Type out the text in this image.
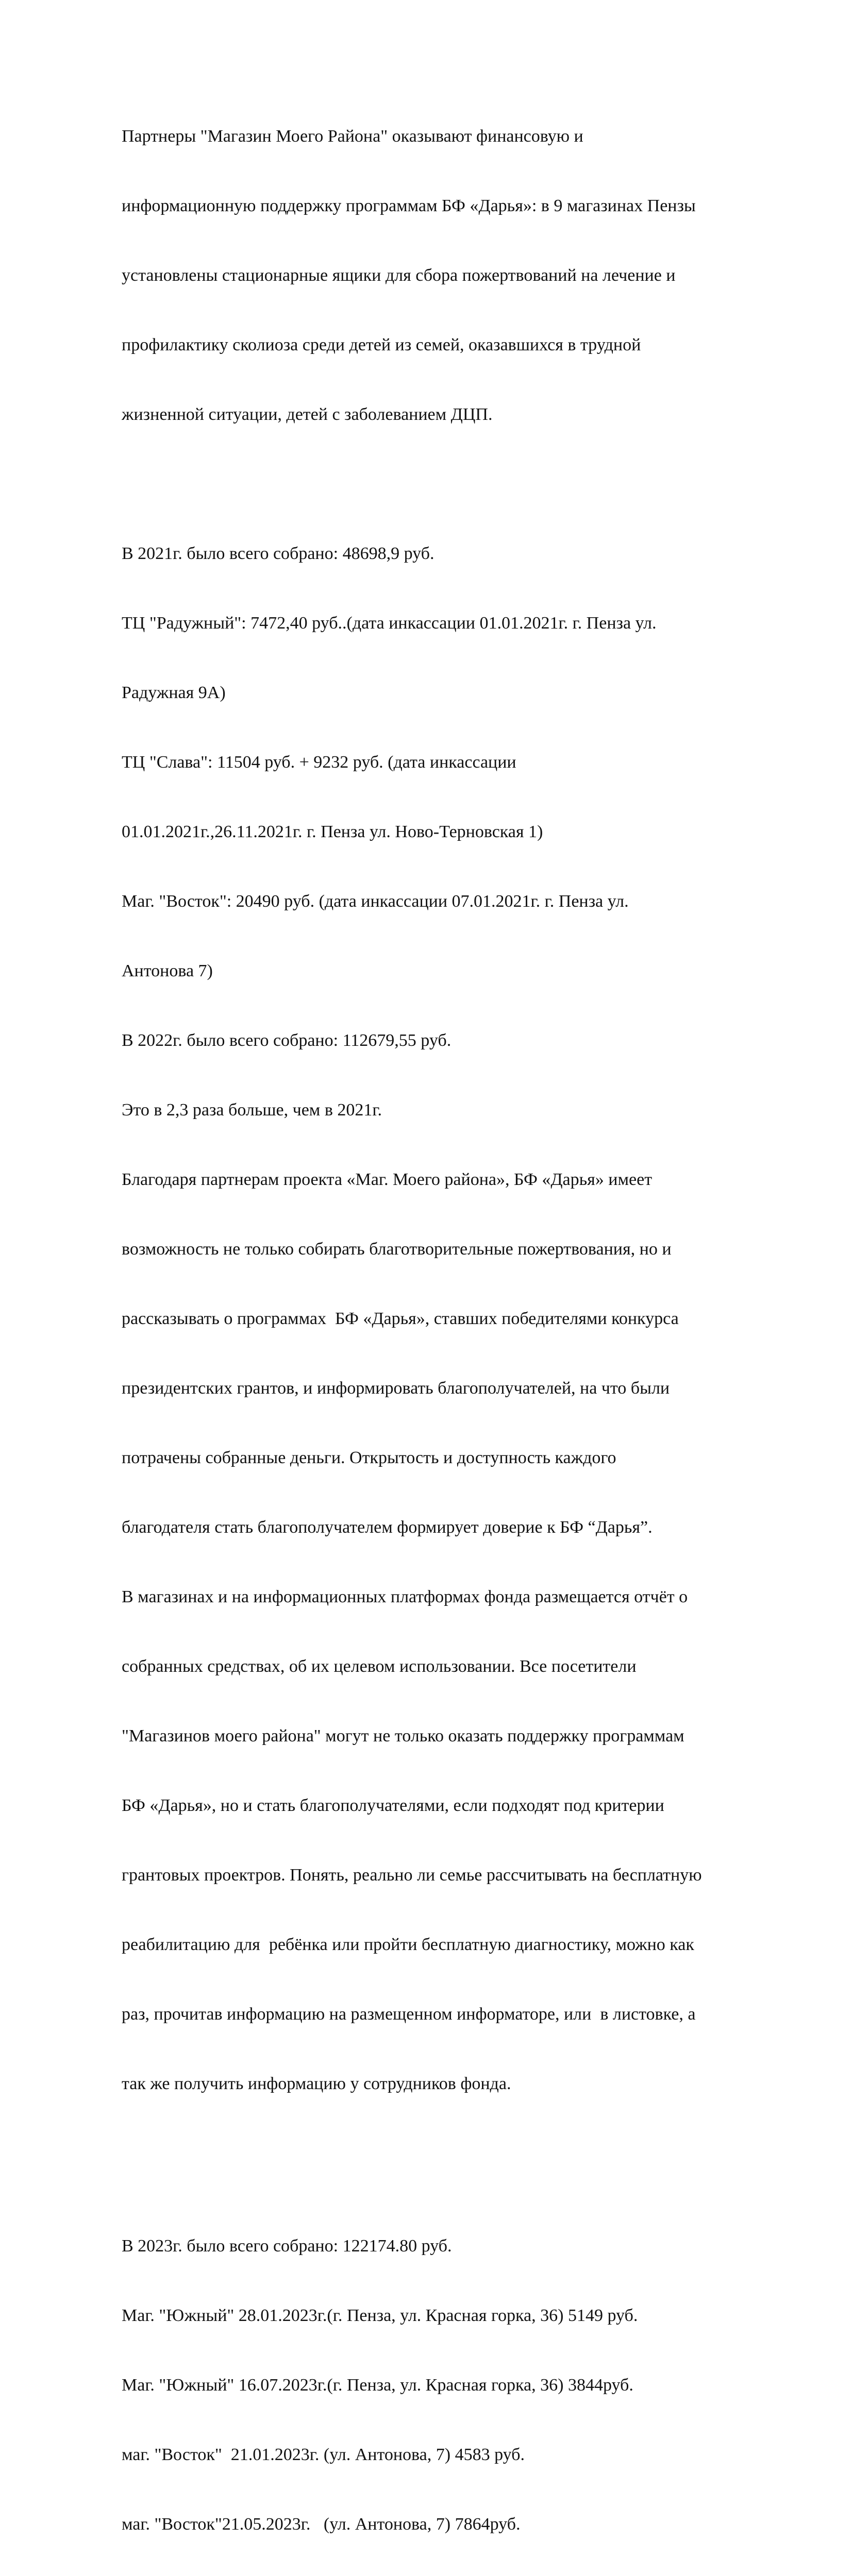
Партнеры "Магазин Моего Района" оказывают финансовую и

информационную поддержку программам БФ «Дарья»: в 9 магазинах Пензы

установлены стационарные ящики для сбора пожертвований на лечение и

профилактику сколиоза среди детей из семей, оказавшихся в трудной

жизненной ситуации, детей с заболеванием ДЦП.

В 2021г. было всего собрано: 48698,9 руб.

ТЦ "Радужный": 7472,40 руб..(дата инкассации 01.01.2021г. г. Пенза ул.

Радужная 9А)

ТЦ "Слава": 11504 руб. + 9232 руб. (дата инкассации

01.01.2021г.,26.11.2021г. г. Пенза ул. Ново-Терновская 1)

Маг. "Восток": 20490 руб. (дата инкассации 07.01.2021г. г. Пенза ул.

Антонова 7)

В 2022г. было всего собрано: 112679,55 руб.

Это в 2,3 раза больше, чем в 2021г.

Благодаря партнерам проекта «Маг. Моего района», БФ «Дарья» имеет

возможность не только собирать благотворительные пожертвования, но и

рассказывать о программах  БФ «Дарья», ставших победителями конкурса

президентских грантов, и информировать благополучателей, на что были

потрачены собранные деньги. Открытость и доступность каждого

благодателя стать благополучателем формирует доверие к БФ “Дарья”.

В магазинах и на информационных платформах фонда размещается отчёт о

собранных средствах, об их целевом использовании. Все посетители

"Магазинов моего района" могут не только оказать поддержку программам

БФ «Дарья», но и стать благополучателями, если подходят под критерии

грантовых проектров. Понять, реально ли семье рассчитывать на бесплатную

реабилитацию для  ребёнка или пройти бесплатную диагностику, можно как

раз, прочитав информацию на размещенном информаторе, или  в листовке, а

так же получить информацию у сотрудников фонда.

В 2023г. было всего собрано: 122174.80 руб.

Маг. "Южный" 28.01.2023г.(г. Пенза, ул. Красная горка, 36) 5149 руб.

Маг. "Южный" 16.07.2023г.(г. Пенза, ул. Красная горка, 36) 3844руб.

маг. "Восток"  21.01.2023г. (ул. Антонова, 7) 4583 руб.

маг. "Восток"21.05.2023г.   (ул. Антонова, 7) 7864руб.
